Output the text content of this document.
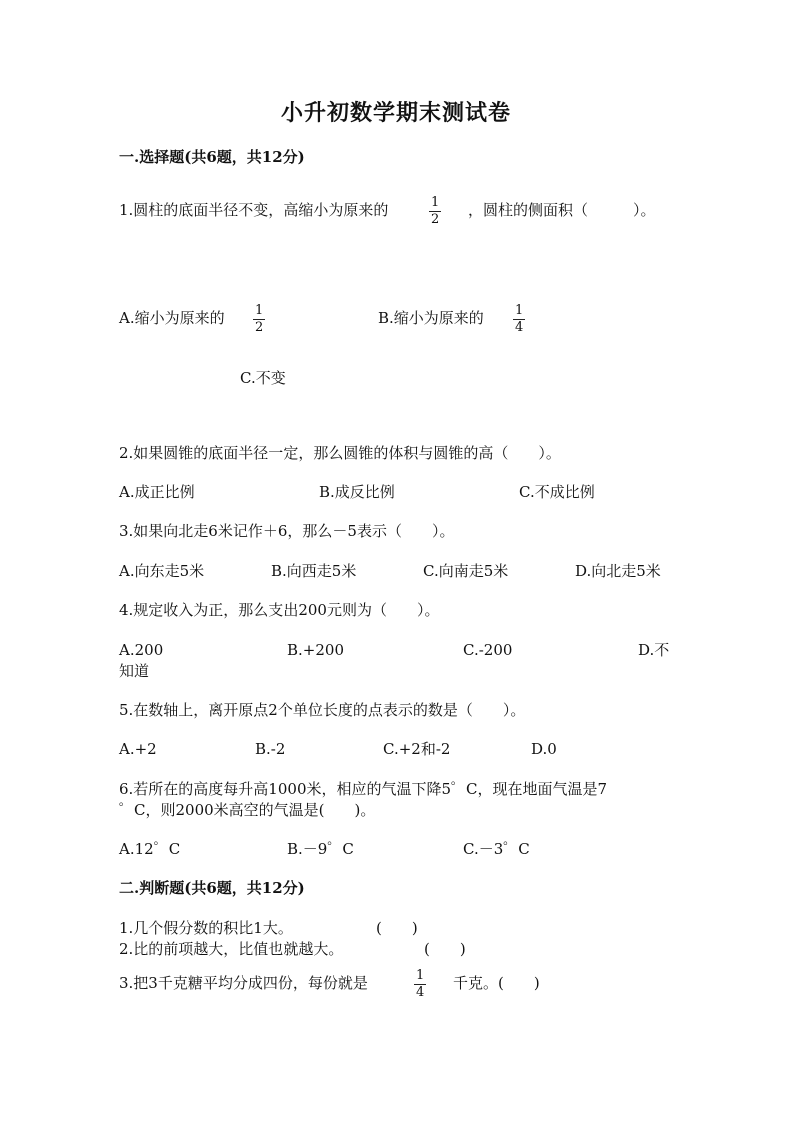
小升初数学期末测试卷
一.选择题(共6题，共12分)
1.圆柱的底面半径不变，高缩小为原来的	1
2
，圆柱的侧面积（　　　）。
A.缩小为原来的 1
2
B.缩小为原来的 1
4
C.不变
2.如果圆锥的底面半径一定，那么圆锥的体积与圆锥的高（　　）。
A.成正比例	B.成反比例	C.不成比例
3.如果向北走6米记作＋6，那么－5表示（　　）。
A.向东走5米	B.向西走5米	C.向南走5米	D.向北走5米
4.规定收入为正，那么支出200元则为（　　）。
A.200	B.+200	C.-200	D.不
知道
5.在数轴上，离开原点2个单位长度的点表示的数是（　　）。
A.+2	B.-2	C.+2和-2	D.0
6.若所在的高度每升高1000米，相应的气温下降5゜C，现在地面气温是7
゜C，则2000米高空的气温是(　　)。
A.12゜C	B.－9゜C	C.－3゜C
二.判断题(共6题，共12分)
1.几个假分数的积比1大。	(　　)
2.比的前项越大，比值也就越大。	(　　)
3.把3千克糖平均分成四份，每份就是	1
4
千克。(　　)
